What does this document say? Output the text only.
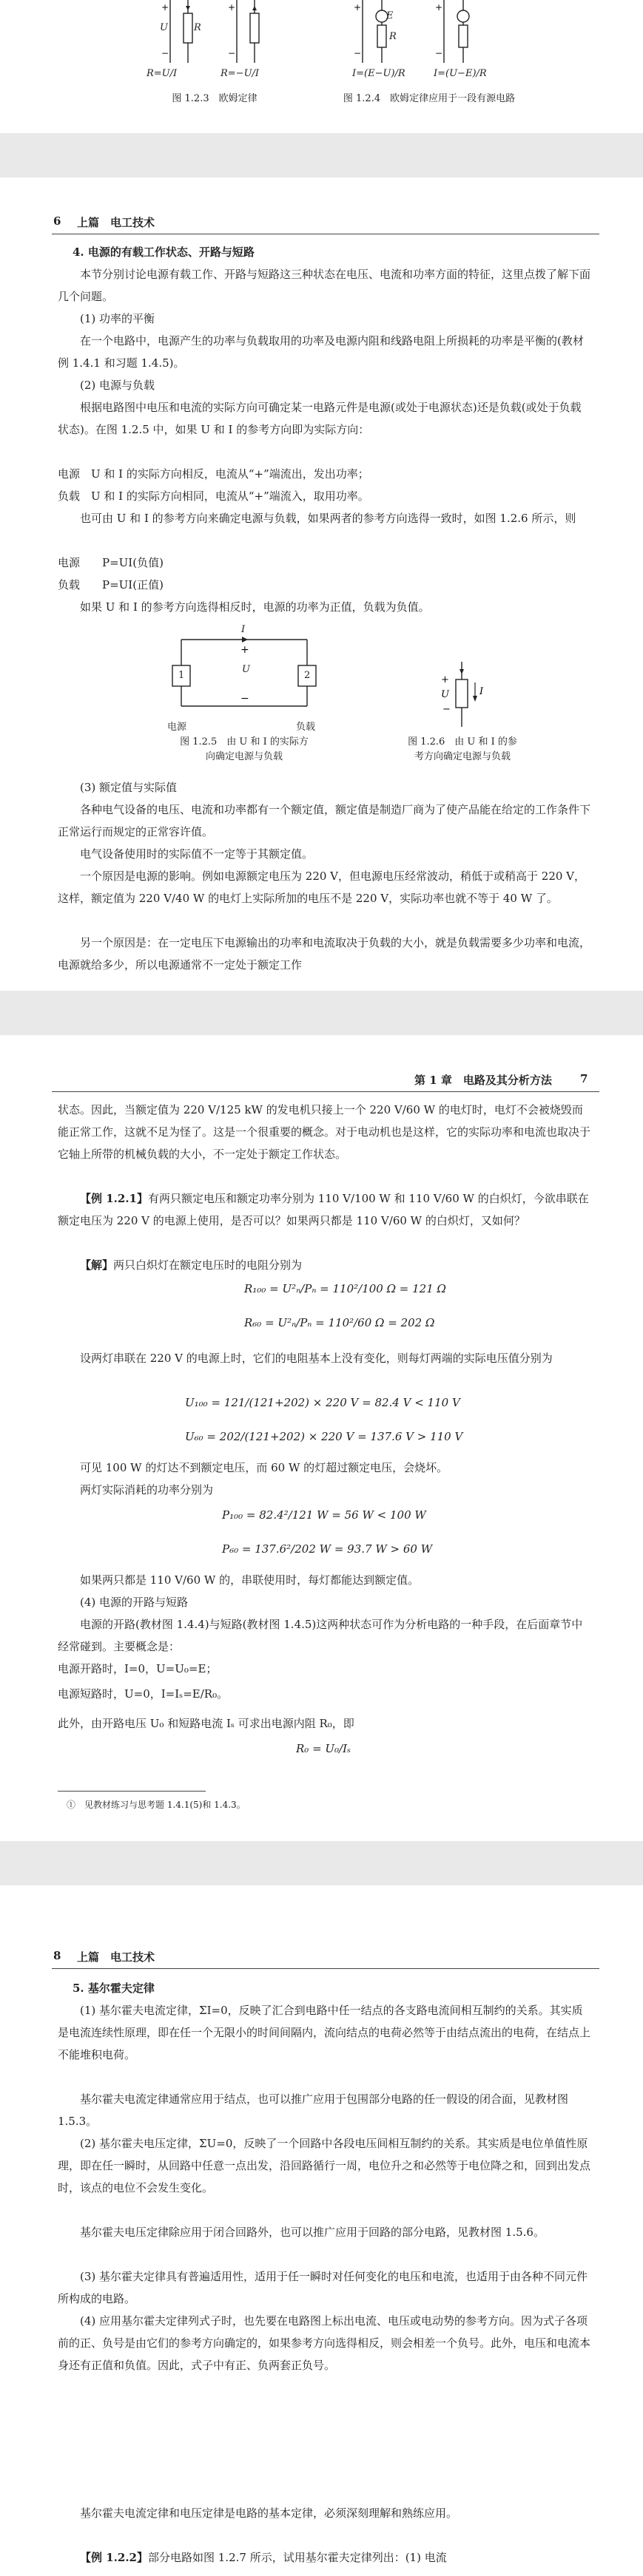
+
−
U	R
+
−
R=U/I	R=−U/I
图 1.2.3　欧姆定律
+
−
E
R
+
−
I=(E−U)/R	I=(U−E)/R
图 1.2.4　欧姆定律应用于一段有源电路
6 上篇　电工技术
4. 电源的有载工作状态、开路与短路
本节分别讨论电源有载工作、开路与短路这三种状态在电压、电流和功率方面的特征，这里点拨了解下面几个问题。
(1) 功率的平衡
在一个电路中，电源产生的功率与负载取用的功率及电源内阻和线路电阻上所损耗的功率是平衡的(教材例 1.4.1 和习题 1.4.5)。
(2) 电源与负载
根据电路图中电压和电流的实际方向可确定某一电路元件是电源(或处于电源状态)还是负载(或处于负载状态)。在图 1.2.5 中，如果 U 和 I 的参考方向即为实际方向：
电源　U 和 I 的实际方向相反，电流从“+”端流出，发出功率；
负载　U 和 I 的实际方向相同，电流从“+”端流入，取用功率。
也可由 U 和 I 的参考方向来确定电源与负载，如果两者的参考方向选得一致时，如图 1.2.6 所示，则
电源　　P=UI(负值)
负载　　P=UI(正值)
如果 U 和 I 的参考方向选得相反时，电源的功率为正值，负载为负值。
+
−
I
U
1	2
电源	负载
图 1.2.5　由 U 和 I 的实际方向确定电源与负载
+
−
U	I
图 1.2.6　由 U 和 I 的参考方向确定电源与负载
(3) 额定值与实际值
各种电气设备的电压、电流和功率都有一个额定值，额定值是制造厂商为了使产品能在给定的工作条件下正常运行而规定的正常容许值。
电气设备使用时的实际值不一定等于其额定值。
一个原因是电源的影响。例如电源额定电压为 220 V，但电源电压经常波动，稍低于或稍高于 220 V，这样，额定值为 220 V/40 W 的电灯上实际所加的电压不是 220 V，实际功率也就不等于 40 W 了。
另一个原因是：在一定电压下电源输出的功率和电流取决于负载的大小，就是负载需要多少功率和电流，电源就给多少，所以电源通常不一定处于额定工作
第 1 章　电路及其分析方法	7
状态。因此，当额定值为 220 V/125 kW 的发电机只接上一个 220 V/60 W 的电灯时，电灯不会被烧毁而能正常工作，这就不足为怪了。这是一个很重要的概念。对于电动机也是这样，它的实际功率和电流也取决于它轴上所带的机械负载的大小，不一定处于额定工作状态。
【例 1.2.1】有两只额定电压和额定功率分别为 110 V/100 W 和 110 V/60 W 的白炽灯，今欲串联在额定电压为 220 V 的电源上使用，是否可以？如果两只都是 110 V/60 W 的白炽灯，又如何？
【解】两只白炽灯在额定电压时的电阻分别为
R₁₀₀ = U²ₙ/Pₙ = 110²/100 Ω = 121 Ω
R₆₀ = U²ₙ/Pₙ = 110²/60 Ω = 202 Ω
设两灯串联在 220 V 的电源上时，它们的电阻基本上没有变化，则每灯两端的实际电压值分别为
U₁₀₀ = 121/(121+202) × 220 V = 82.4 V < 110 V
U₆₀ = 202/(121+202) × 220 V = 137.6 V > 110 V
可见 100 W 的灯达不到额定电压，而 60 W 的灯超过额定电压，会烧坏。
两灯实际消耗的功率分别为
P₁₀₀ = 82.4²/121 W = 56 W < 100 W
P₆₀ = 137.6²/202 W = 93.7 W > 60 W
如果两只都是 110 V/60 W 的，串联使用时，每灯都能达到额定值。
(4) 电源的开路与短路
电源的开路(教材图 1.4.4)与短路(教材图 1.4.5)这两种状态可作为分析电路的一种手段，在后面章节中经常碰到。主要概念是：
电源开路时，I=0，U=U₀=E；
电源短路时，U=0，I=Iₛ=E/R₀。
此外，由开路电压 U₀ 和短路电流 Iₛ 可求出电源内阻 R₀，即
R₀ = U₀/Iₛ
①　见教材练习与思考题 1.4.1(5)和 1.4.3。
8 上篇　电工技术
5. 基尔霍夫定律
(1) 基尔霍夫电流定律，ΣI=0，反映了汇合到电路中任一结点的各支路电流间相互制约的关系。其实质是电流连续性原理，即在任一个无限小的时间间隔内，流向结点的电荷必然等于由结点流出的电荷，在结点上不能堆积电荷。
基尔霍夫电流定律通常应用于结点，也可以推广应用于包围部分电路的任一假设的闭合面，见教材图 1.5.3。
(2) 基尔霍夫电压定律，ΣU=0，反映了一个回路中各段电压间相互制约的关系。其实质是电位单值性原理，即在任一瞬时，从回路中任意一点出发，沿回路循行一周，电位升之和必然等于电位降之和，回到出发点时，该点的电位不会发生变化。
基尔霍夫电压定律除应用于闭合回路外，也可以推广应用于回路的部分电路，见教材图 1.5.6。
(3) 基尔霍夫定律具有普遍适用性，适用于任一瞬时对任何变化的电压和电流，也适用于由各种不同元件所构成的电路。
(4) 应用基尔霍夫定律列式子时，也先要在电路图上标出电流、电压或电动势的参考方向。因为式子各项前的正、负号是由它们的参考方向确定的，如果参考方向选得相反，则会相差一个负号。此外，电压和电流本身还有正值和负值。因此，式子中有正、负两套正负号。
基尔霍夫电流定律和电压定律是电路的基本定律，必须深刻理解和熟练应用。
【例 1.2.2】部分电路如图 1.2.7 所示，试用基尔霍夫定律列出：(1) 电流
